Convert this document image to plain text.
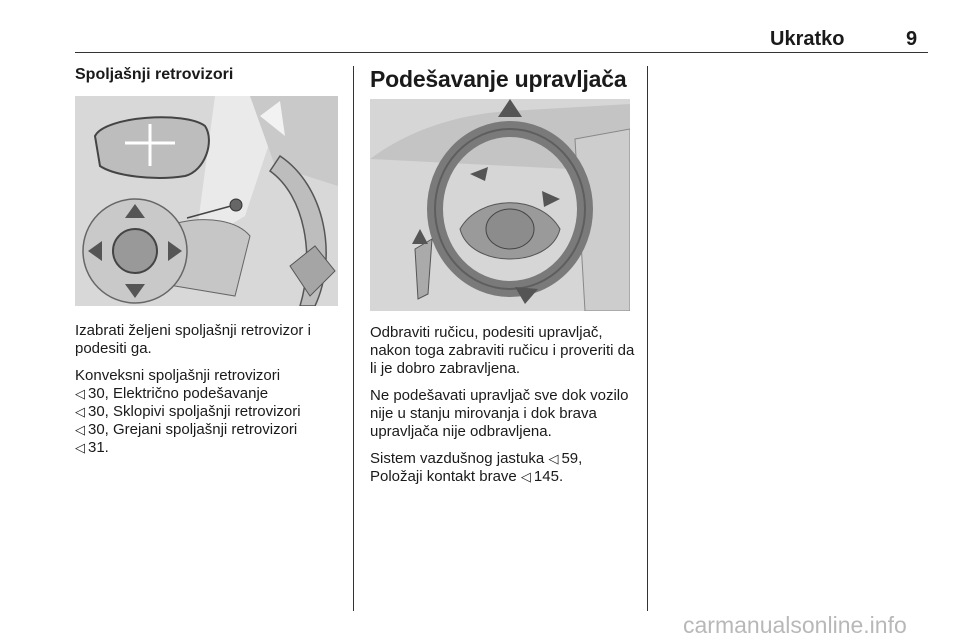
Ukratko	9
Spoljašnji retrovizori

Izabrati željeni spoljašnji retrovizor i podesiti ga.

Konveksni spoljašnji retrovizori
◁ 30, Električno podešavanje
◁ 30, Sklopivi spoljašnji retrovizori
◁ 30, Grejani spoljašnji retrovizori
◁ 31.

Podešavanje upravljača

Odbraviti ručicu, podesiti upravljač, nakon toga zabraviti ručicu i proveriti da li je dobro zabravljena.

Ne podešavati upravljač sve dok vozilo nije u stanju mirovanja i dok brava upravljača nije odbravljena.

Sistem vazdušnog jastuka ◁ 59,
Položaji kontakt brave ◁ 145.

carmanualsonline.info
